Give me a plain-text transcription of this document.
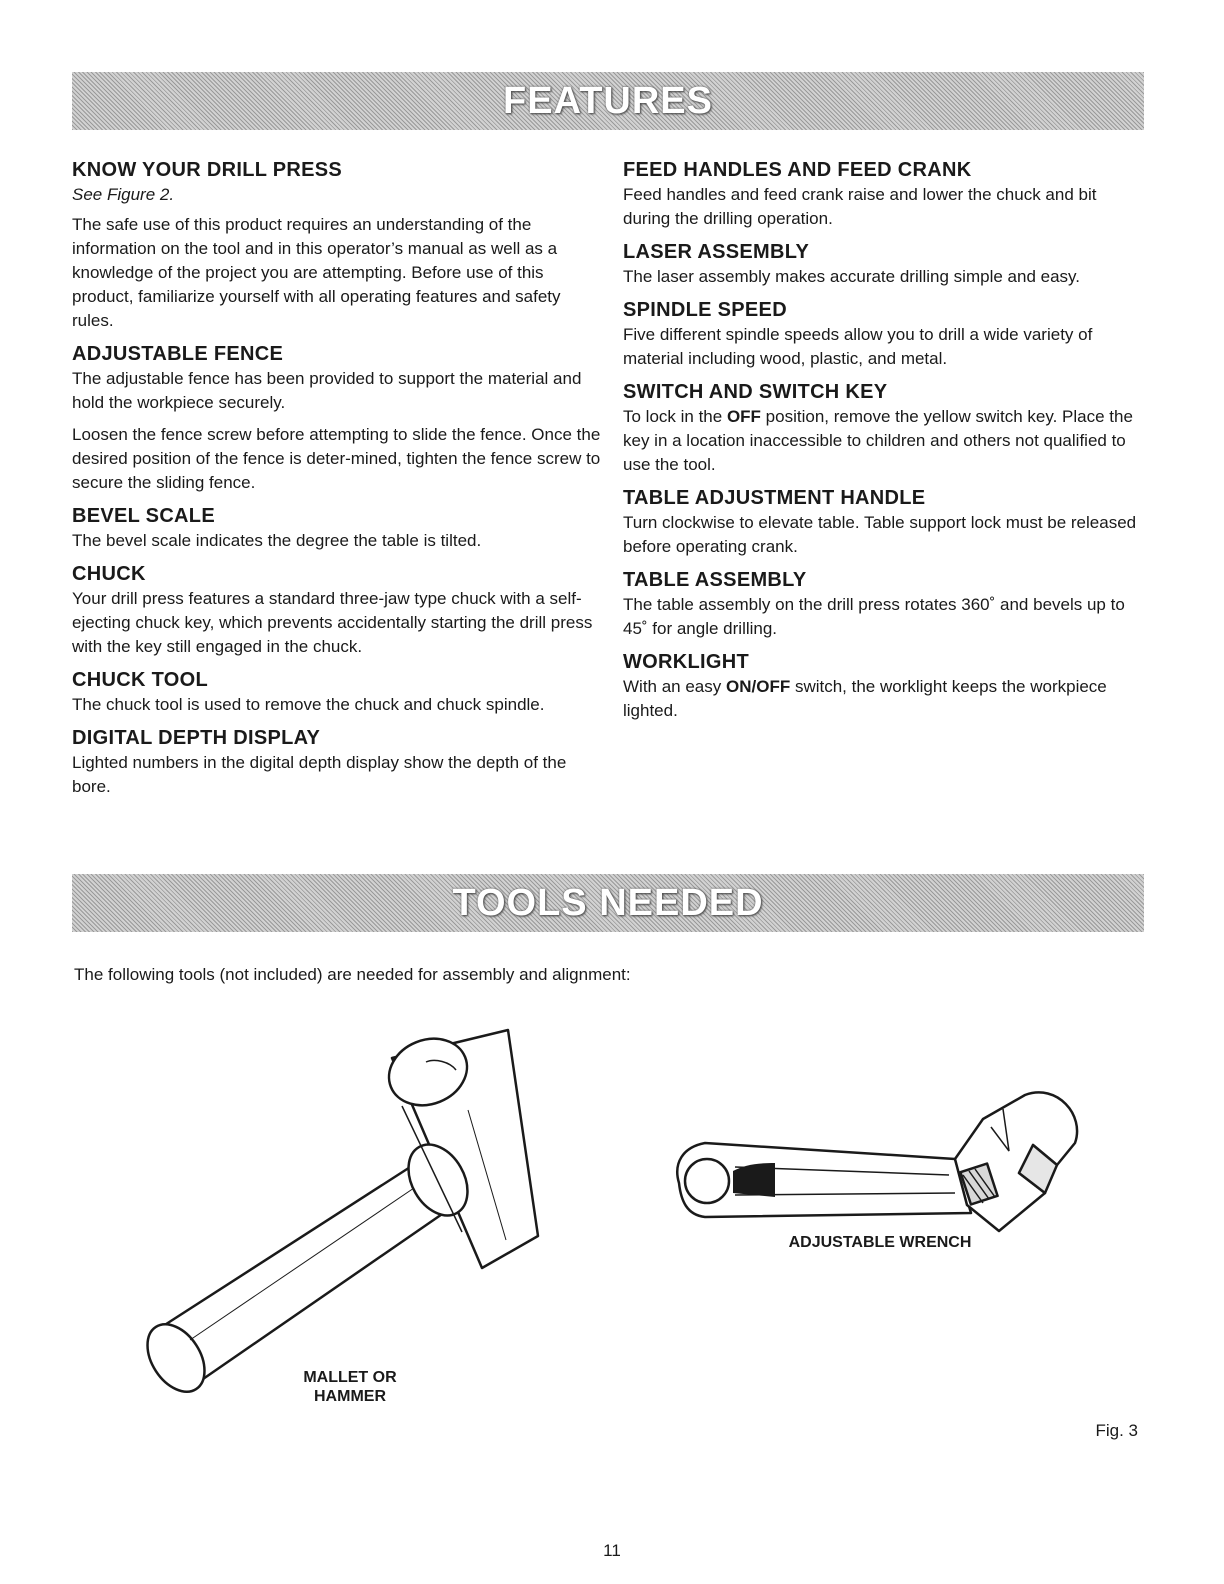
FEATURES
KNOW YOUR DRILL PRESS

See Figure 2.

The safe use of this product requires an understanding of the information on the tool and in this operator’s manual as well as a knowledge of the project you are attempting. Before use of this product, familiarize yourself with all operating features and safety rules.

ADJUSTABLE FENCE

The adjustable fence has been provided to support the material and hold the workpiece securely.

Loosen the fence screw before attempting to slide the fence. Once the desired position of the fence is deter-mined, tighten the fence screw to secure the sliding fence.

BEVEL SCALE

The bevel scale indicates the degree the table is tilted.

CHUCK

Your drill press features a standard three-jaw type chuck with a self-ejecting chuck key, which prevents accidentally starting the drill press with the key still engaged in the chuck.

CHUCK TOOL

The chuck tool is used to remove the chuck and chuck spindle.

DIGITAL DEPTH DISPLAY

Lighted numbers in the digital depth display show the depth of the bore.

FEED HANDLES AND FEED CRANK

Feed handles and feed crank raise and lower the chuck and bit during the drilling operation.

LASER ASSEMBLY

The laser assembly makes accurate drilling simple and easy.

SPINDLE SPEED

Five different spindle speeds allow you to drill a wide variety of material including wood, plastic, and metal.

SWITCH AND SWITCH KEY

To lock in the OFF position, remove the yellow switch key. Place the key in a location inaccessible to children and others not qualified to use the tool.

TABLE ADJUSTMENT HANDLE

Turn clockwise to elevate table. Table support lock must be released before operating crank.

TABLE ASSEMBLY

The table assembly on the drill press rotates 360˚ and bevels up to 45˚ for angle drilling.

WORKLIGHT

With an easy ON/OFF switch, the worklight keeps the workpiece lighted.

TOOLS NEEDED
The following tools (not included) are needed for assembly and alignment:
MALLET OR
HAMMER
ADJUSTABLE WRENCH
Fig. 3
11
